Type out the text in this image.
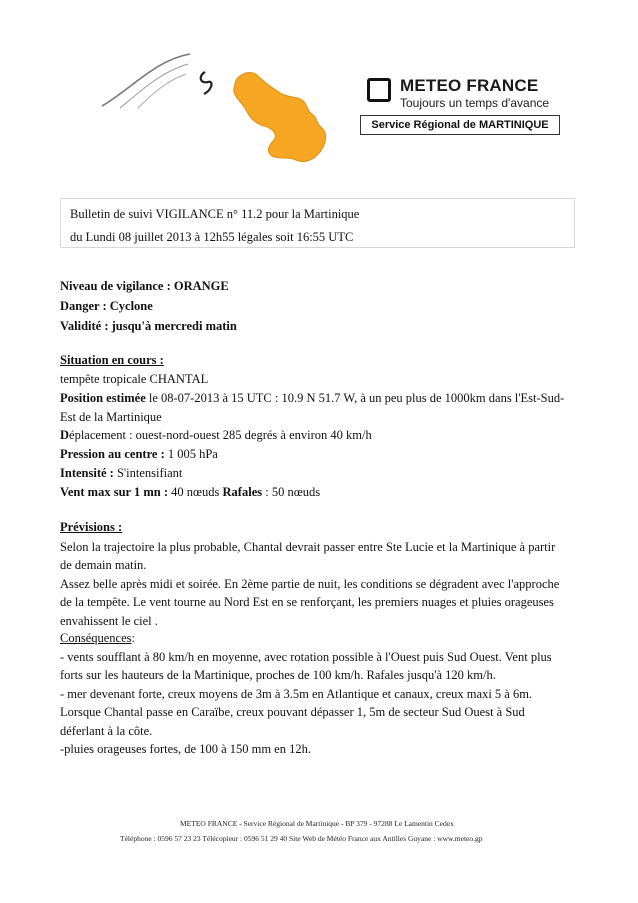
METEO FRANCE
Toujours un temps d'avance
Service Régional de MARTINIQUE
Bulletin de suivi VIGILANCE n° 11.2 pour la Martinique
du Lundi 08 juillet 2013 à 12h55 légales soit 16:55 UTC
Niveau de vigilance : ORANGE
Danger : Cyclone
Validité : jusqu'à mercredi matin
Situation en cours :
tempête tropicale CHANTAL
Position estimée le 08-07-2013 à 15 UTC : 10.9 N 51.7 W, à un peu plus de 1000km dans l'Est-Sud-
Est de la Martinique
Déplacement : ouest-nord-ouest 285 degrés à environ 40 km/h
Pression au centre : 1 005 hPa
Intensité : S'intensifiant
Vent max sur 1 mn : 40 nœuds Rafales : 50 nœuds
Prévisions :
Selon la trajectoire la plus probable, Chantal devrait passer entre Ste Lucie et la Martinique à partir
de demain matin.
Assez belle après midi et soirée. En 2ème partie de nuit, les conditions se dégradent avec l'approche
de la tempête. Le vent tourne au Nord Est en se renforçant, les premiers nuages et pluies orageuses
envahissent le ciel .
Conséquences:
- vents soufflant à 80 km/h en moyenne, avec rotation possible à l'Ouest puis Sud Ouest. Vent plus
forts sur les hauteurs de la Martinique, proches de 100 km/h. Rafales jusqu'à 120 km/h.
- mer devenant forte, creux moyens de 3m à 3.5m en Atlantique et canaux, creux maxi 5 à 6m.
Lorsque Chantal passe en Caraïbe, creux pouvant dépasser 1, 5m de secteur Sud Ouest à Sud
déferlant à la côte.
-pluies orageuses fortes, de 100 à 150 mm en 12h.
METEO FRANCE - Service Régional de Martinique - BP 379 - 97288 Le Lamentin Cedex
Téléphone : 0596 57 23 23 Télécopieur : 0596 51 29 40 Site Web de Météo France aux Antilles Guyane : www.meteo.gp
